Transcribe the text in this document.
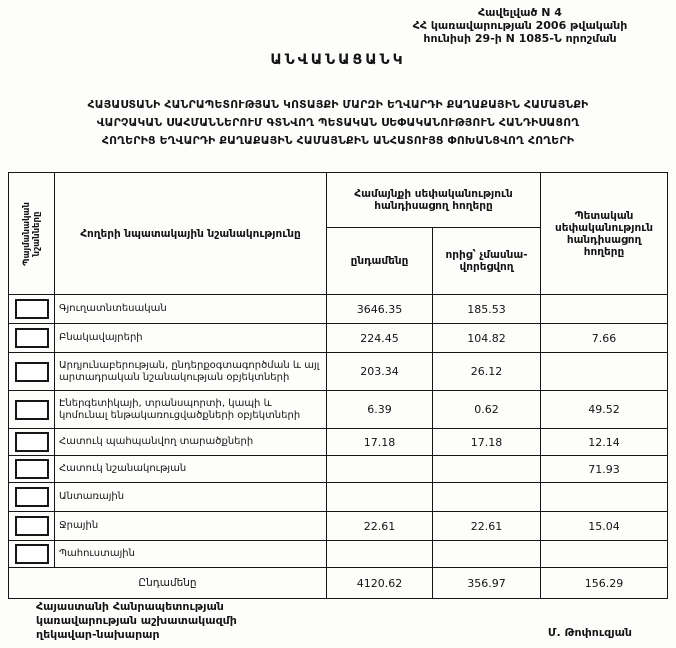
Հավելված N 4
ՀՀ կառավարության 2006 թվականի
հունիսի 29-ի N 1085-Ն որոշման
ԱՆՎԱՆԱՑԱՆԿ
ՀԱՅԱՍՏԱՆԻ ՀԱՆՐԱՊԵՏՈՒԹՅԱՆ ԿՈՏԱՅՔԻ ՄԱՐԶԻ ԵՂՎԱՐԴԻ ՔԱՂԱՔԱՅԻՆ ՀԱՄԱՅՆՔԻ
ՎԱՐՉԱԿԱՆ ՍԱՀՄԱՆՆԵՐՈՒՄ ԳՏՆՎՈՂ ՊԵՏԱԿԱՆ ՍԵՓԱԿԱՆՈՒԹՅՈՒՆ ՀԱՆԴԻՍԱՑՈՂ
ՀՈՂԵՐԻՑ ԵՂՎԱՐԴԻ ՔԱՂԱՔԱՅԻՆ ՀԱՄԱՅՆՔԻՆ ԱՆՀԱՏՈՒՅՑ ՓՈԽԱՆՑՎՈՂ ՀՈՂԵՐԻ
Պայմանական նշանները	Հողերի նպատակային նշանակությունը	Համայնքի սեփականություն հանդիսացող հողերը		Պետական սեփականություն հանդիսացող հողերը
		ընդամենը	որից՝ չմասնա-վորեցվող	

	Գյուղատնտեսական	3646.35	185.53	

	Բնակավայրերի	224.45	104.82	7.66

	Արդյունաբերության, ընդերքօգտագործման և այլ արտադրական նշանակության օբյեկտների	203.34	26.12	

	Էներգետիկայի, տրանսպորտի, կապի և կոմունալ ենթակառուցվածքների օբյեկտների	6.39	0.62	49.52

	Հատուկ պահպանվող տարածքների	17.18	17.18	12.14

	Հատուկ նշանակության			71.93

	Անտառային			

	Ջրային	22.61	22.61	15.04

	Պահուստային			
Ընդամենը		4120.62	356.97	156.29
Հայաստանի Հանրապետության
կառավարության աշխատակազմի
ղեկավար-նախարար	Մ. Թոփուզյան
